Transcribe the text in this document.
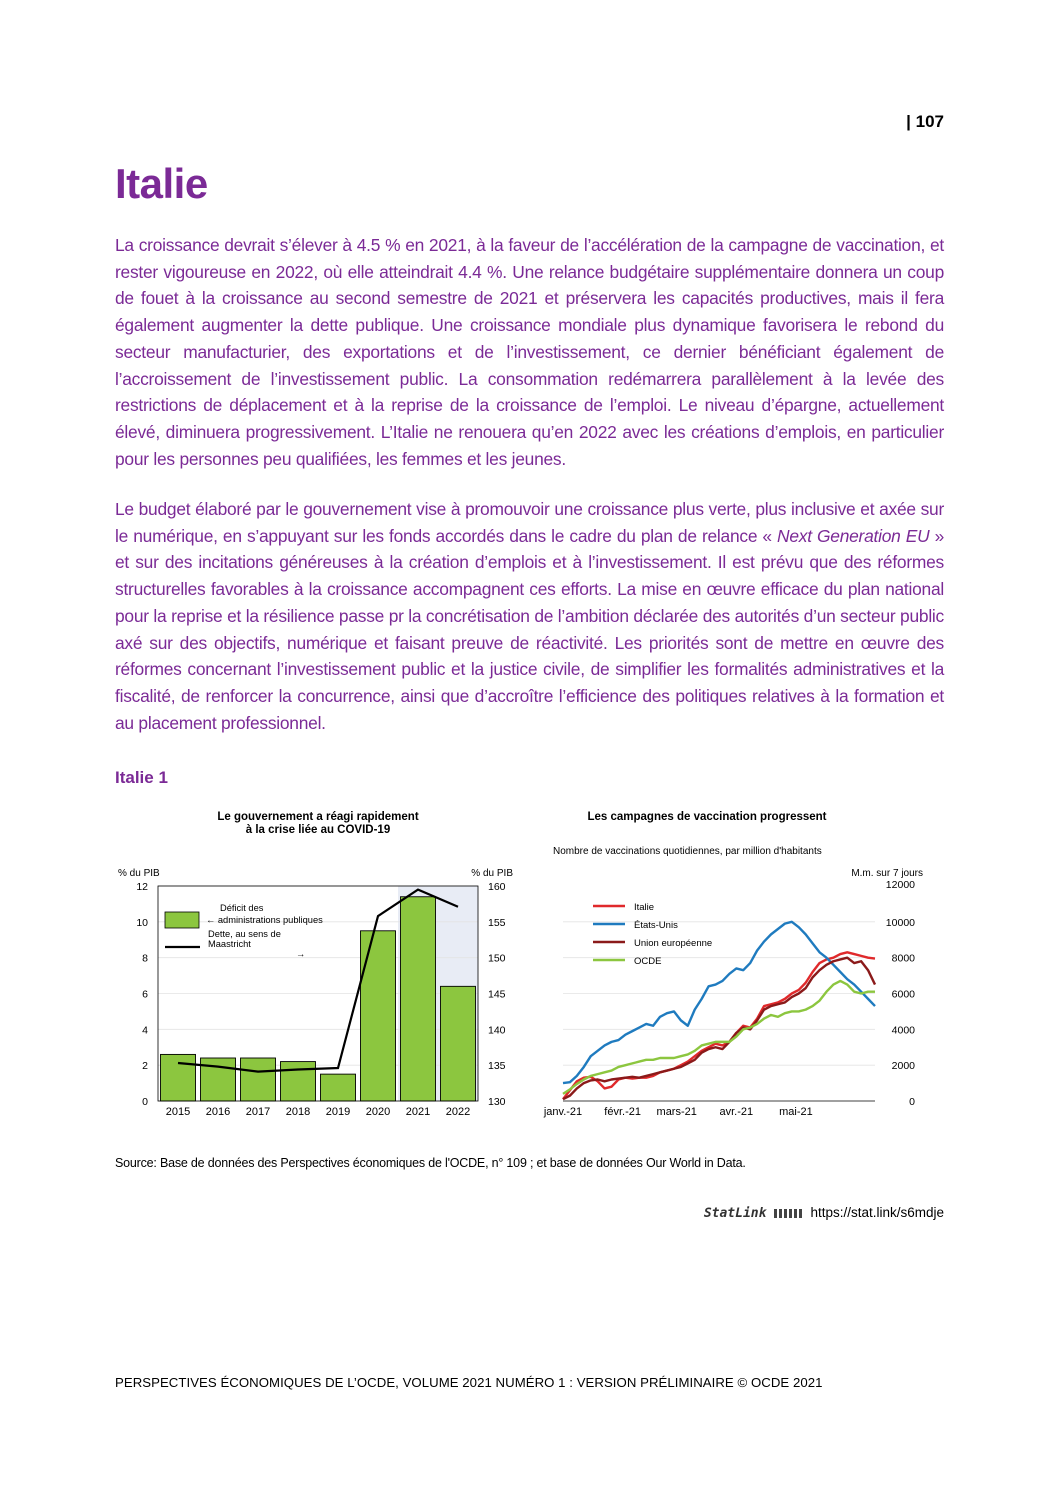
| 107
Italie

La croissance devrait s’élever à 4.5 % en 2021, à la faveur de l’accélération de la campagne de vaccination, et rester vigoureuse en 2022, où elle atteindrait 4.4 %. Une relance budgétaire supplémentaire donnera un coup de fouet à la croissance au second semestre de 2021 et préservera les capacités productives, mais il fera également augmenter la dette publique. Une croissance mondiale plus dynamique favorisera le rebond du secteur manufacturier, des exportations et de l’investissement, ce dernier bénéficiant également de l’accroissement de l’investissement public. La consommation redémarrera parallèlement à la levée des restrictions de déplacement et à la reprise de la croissance de l’emploi. Le niveau d’épargne, actuellement élevé, diminuera progressivement. L’Italie ne renouera qu’en 2022 avec les créations d’emplois, en particulier pour les personnes peu qualifiées, les femmes et les jeunes.

Le budget élaboré par le gouvernement vise à promouvoir une croissance plus verte, plus inclusive et axée sur le numérique, en s’appuyant sur les fonds accordés dans le cadre du plan de relance « Next Generation EU » et sur des incitations généreuses à la création d’emplois et à l’investissement. Il est prévu que des réformes structurelles favorables à la croissance accompagnent ces efforts. La mise en œuvre efficace du plan national pour la reprise et la résilience passe pr la concrétisation de l’ambition déclarée des autorités d’un secteur public axé sur des objectifs, numérique et faisant preuve de réactivité. Les priorités sont de mettre en œuvre des réformes concernant l’investissement public et la justice civile, de simplifier les formalités administratives et la fiscalité, de renforcer la concurrence, ainsi que d’accroître l’efficience des politiques relatives à la formation et au placement professionnel.

Italie 1
Le gouvernement a réagi rapidement
à la crise liée au COVID-19
% du PIB	% du PIB
0
2
4
6
8
10
12
130
135
140
145
150
155
160
2015 2016 2017 2018 2019 2020 2021 2022
Déficit des
← administrations publiques
Dette, au sens de
Maastricht
→
Les campagnes de vaccination progressent
Nombre de vaccinations quotidiennes, par million d'habitants
M.m. sur 7 jours
0
2000
4000
6000
8000
10000
12000
janv.-21 févr.-21 mars-21 avr.-21 mai-21
Italie
États-Unis
Union européenne
OCDE
Source: Base de données des Perspectives économiques de l'OCDE, n° 109 ; et base de données Our World in Data.
StatLink	https://stat.link/s6mdje
PERSPECTIVES ÉCONOMIQUES DE L’OCDE, VOLUME 2021 NUMÉRO 1 : VERSION PRÉLIMINAIRE © OCDE 2021
